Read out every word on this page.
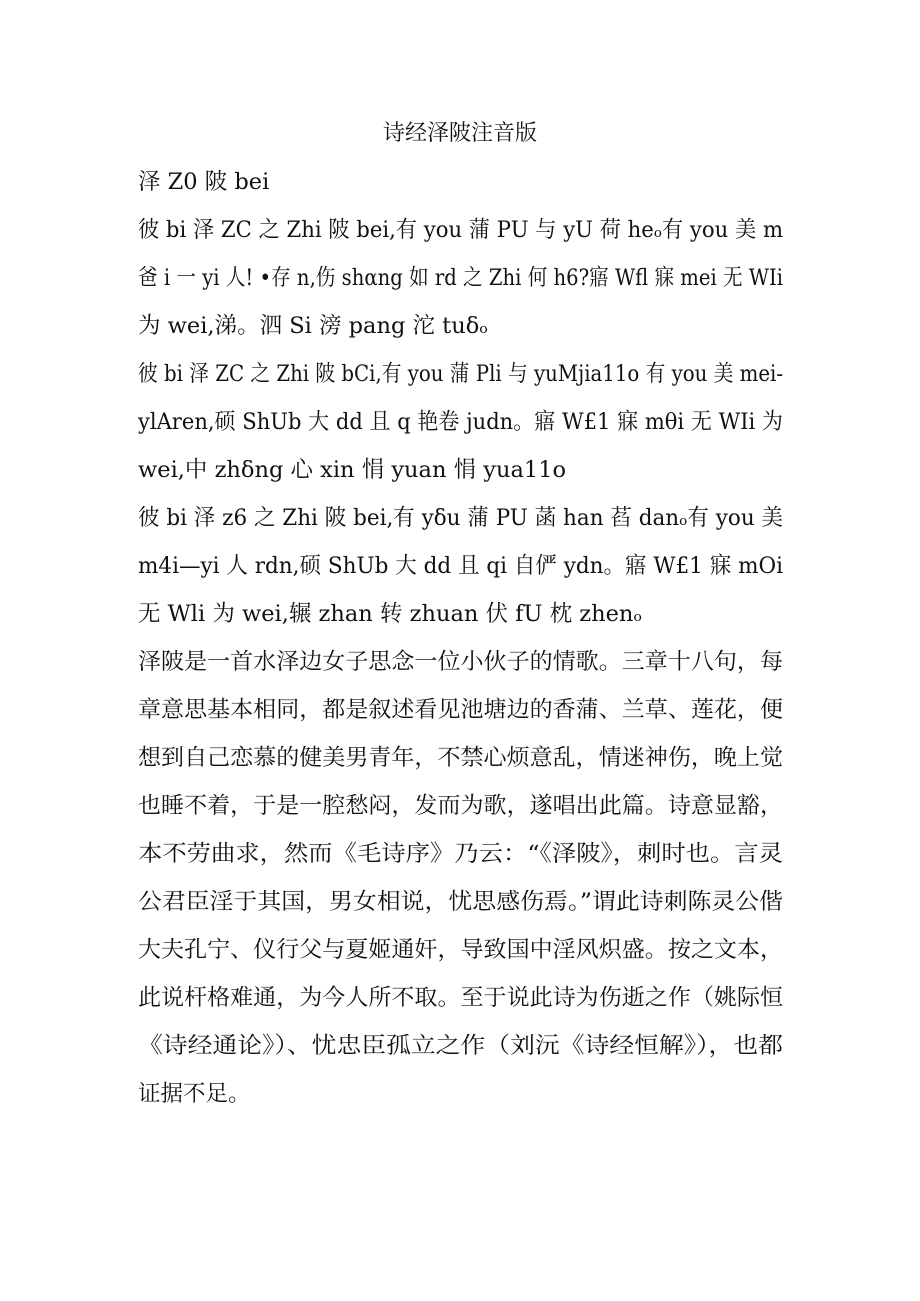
诗经泽陂注音版
泽 Z0 陂 bei
彼 bi 泽 ZC 之 Zhi 陂 bei,有 you 蒲 PU 与 yU 荷 heₒ有 you 美 m
爸 i 一 yi 人! •存 n,伤 shαng 如 rd 之 Zhi 何 h6?寤 Wfl 寐 mei 无 WIi
为 wei,涕。泗 Si 滂 pang 沱 tuδₒ
彼 bi 泽 ZC 之 Zhi 陂 bCi,有 you 蒲 Pli 与 yuMjia11o 有 you 美 mei-
ylAren,硕 ShUb 大 dd 且 q 艳卷 judn。寤 W£1 寐 mθi 无 WIi 为
wei,中 zhδng 心 xin 悁 yuan 悁 yua11o
彼 bi 泽 z6 之 Zhi 陂 bei,有 yδu 蒲 PU 菡 han 萏 danₒ有 you 美
m4i—yi 人 rdn,硕 ShUb 大 dd 且 qi 自俨 ydn。寤 W£1 寐 mOi
无 Wli 为 wei,辗 zhan 转 zhuan 伏 fU 枕 zhenₒ
泽陂是一首水泽边女子思念一位小伙子的情歌。三章十八句，每
章意思基本相同，都是叙述看见池塘边的香蒲、兰草、莲花，便
想到自己恋慕的健美男青年，不禁心烦意乱，情迷神伤，晚上觉
也睡不着，于是一腔愁闷，发而为歌，遂唱出此篇。诗意显豁，
本不劳曲求，然而《毛诗序》乃云：“《泽陂》，刺时也。言灵
公君臣淫于其国，男女相说，忧思感伤焉。”谓此诗刺陈灵公偕
大夫孔宁、仪行父与夏姬通奸，导致国中淫风炽盛。按之文本，
此说杆格难通，为今人所不取。至于说此诗为伤逝之作（姚际恒
《诗经通论》）、忧忠臣孤立之作（刘沅《诗经恒解》），也都
证据不足。
